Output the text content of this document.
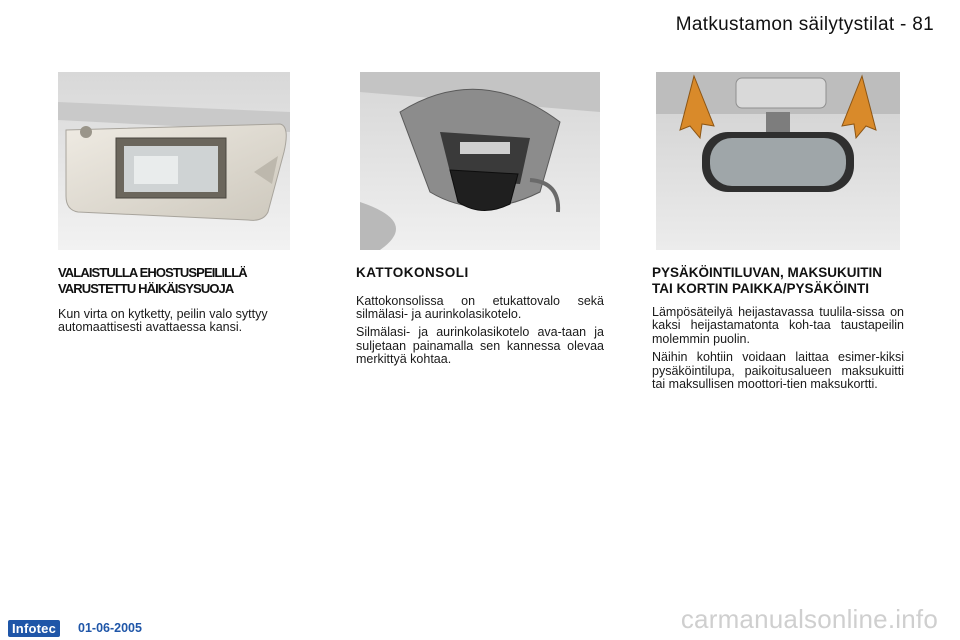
Matkustamon säilytystilat - 81
VALAISTULLA EHOSTUSPEILILLÄ VARUSTETTU HÄIKÄISYSUOJA

Kun virta on kytketty, peilin valo syttyy automaattisesti avattaessa kansi.

KATTOKONSOLI

Kattokonsolissa on etukattovalo sekä silmälasi- ja aurinkolasikotelo.

Silmälasi- ja aurinkolasikotelo ava-taan ja suljetaan painamalla sen kannessa olevaa merkittyä kohtaa.

PYSÄKÖINTILUVAN, MAKSUKUITIN TAI KORTIN PAIKKA/PYSÄKÖINTI

Lämpösäteilyä heijastavassa tuulila-sissa on kaksi heijastamatonta koh-taa taustapeilin molemmin puolin.

Näihin kohtiin voidaan laittaa esimer-kiksi pysäköintilupa, paikoitusalueen maksukuitti tai maksullisen moottori-tien maksukortti.

Infotec	01-06-2005	carmanualsonline.info
